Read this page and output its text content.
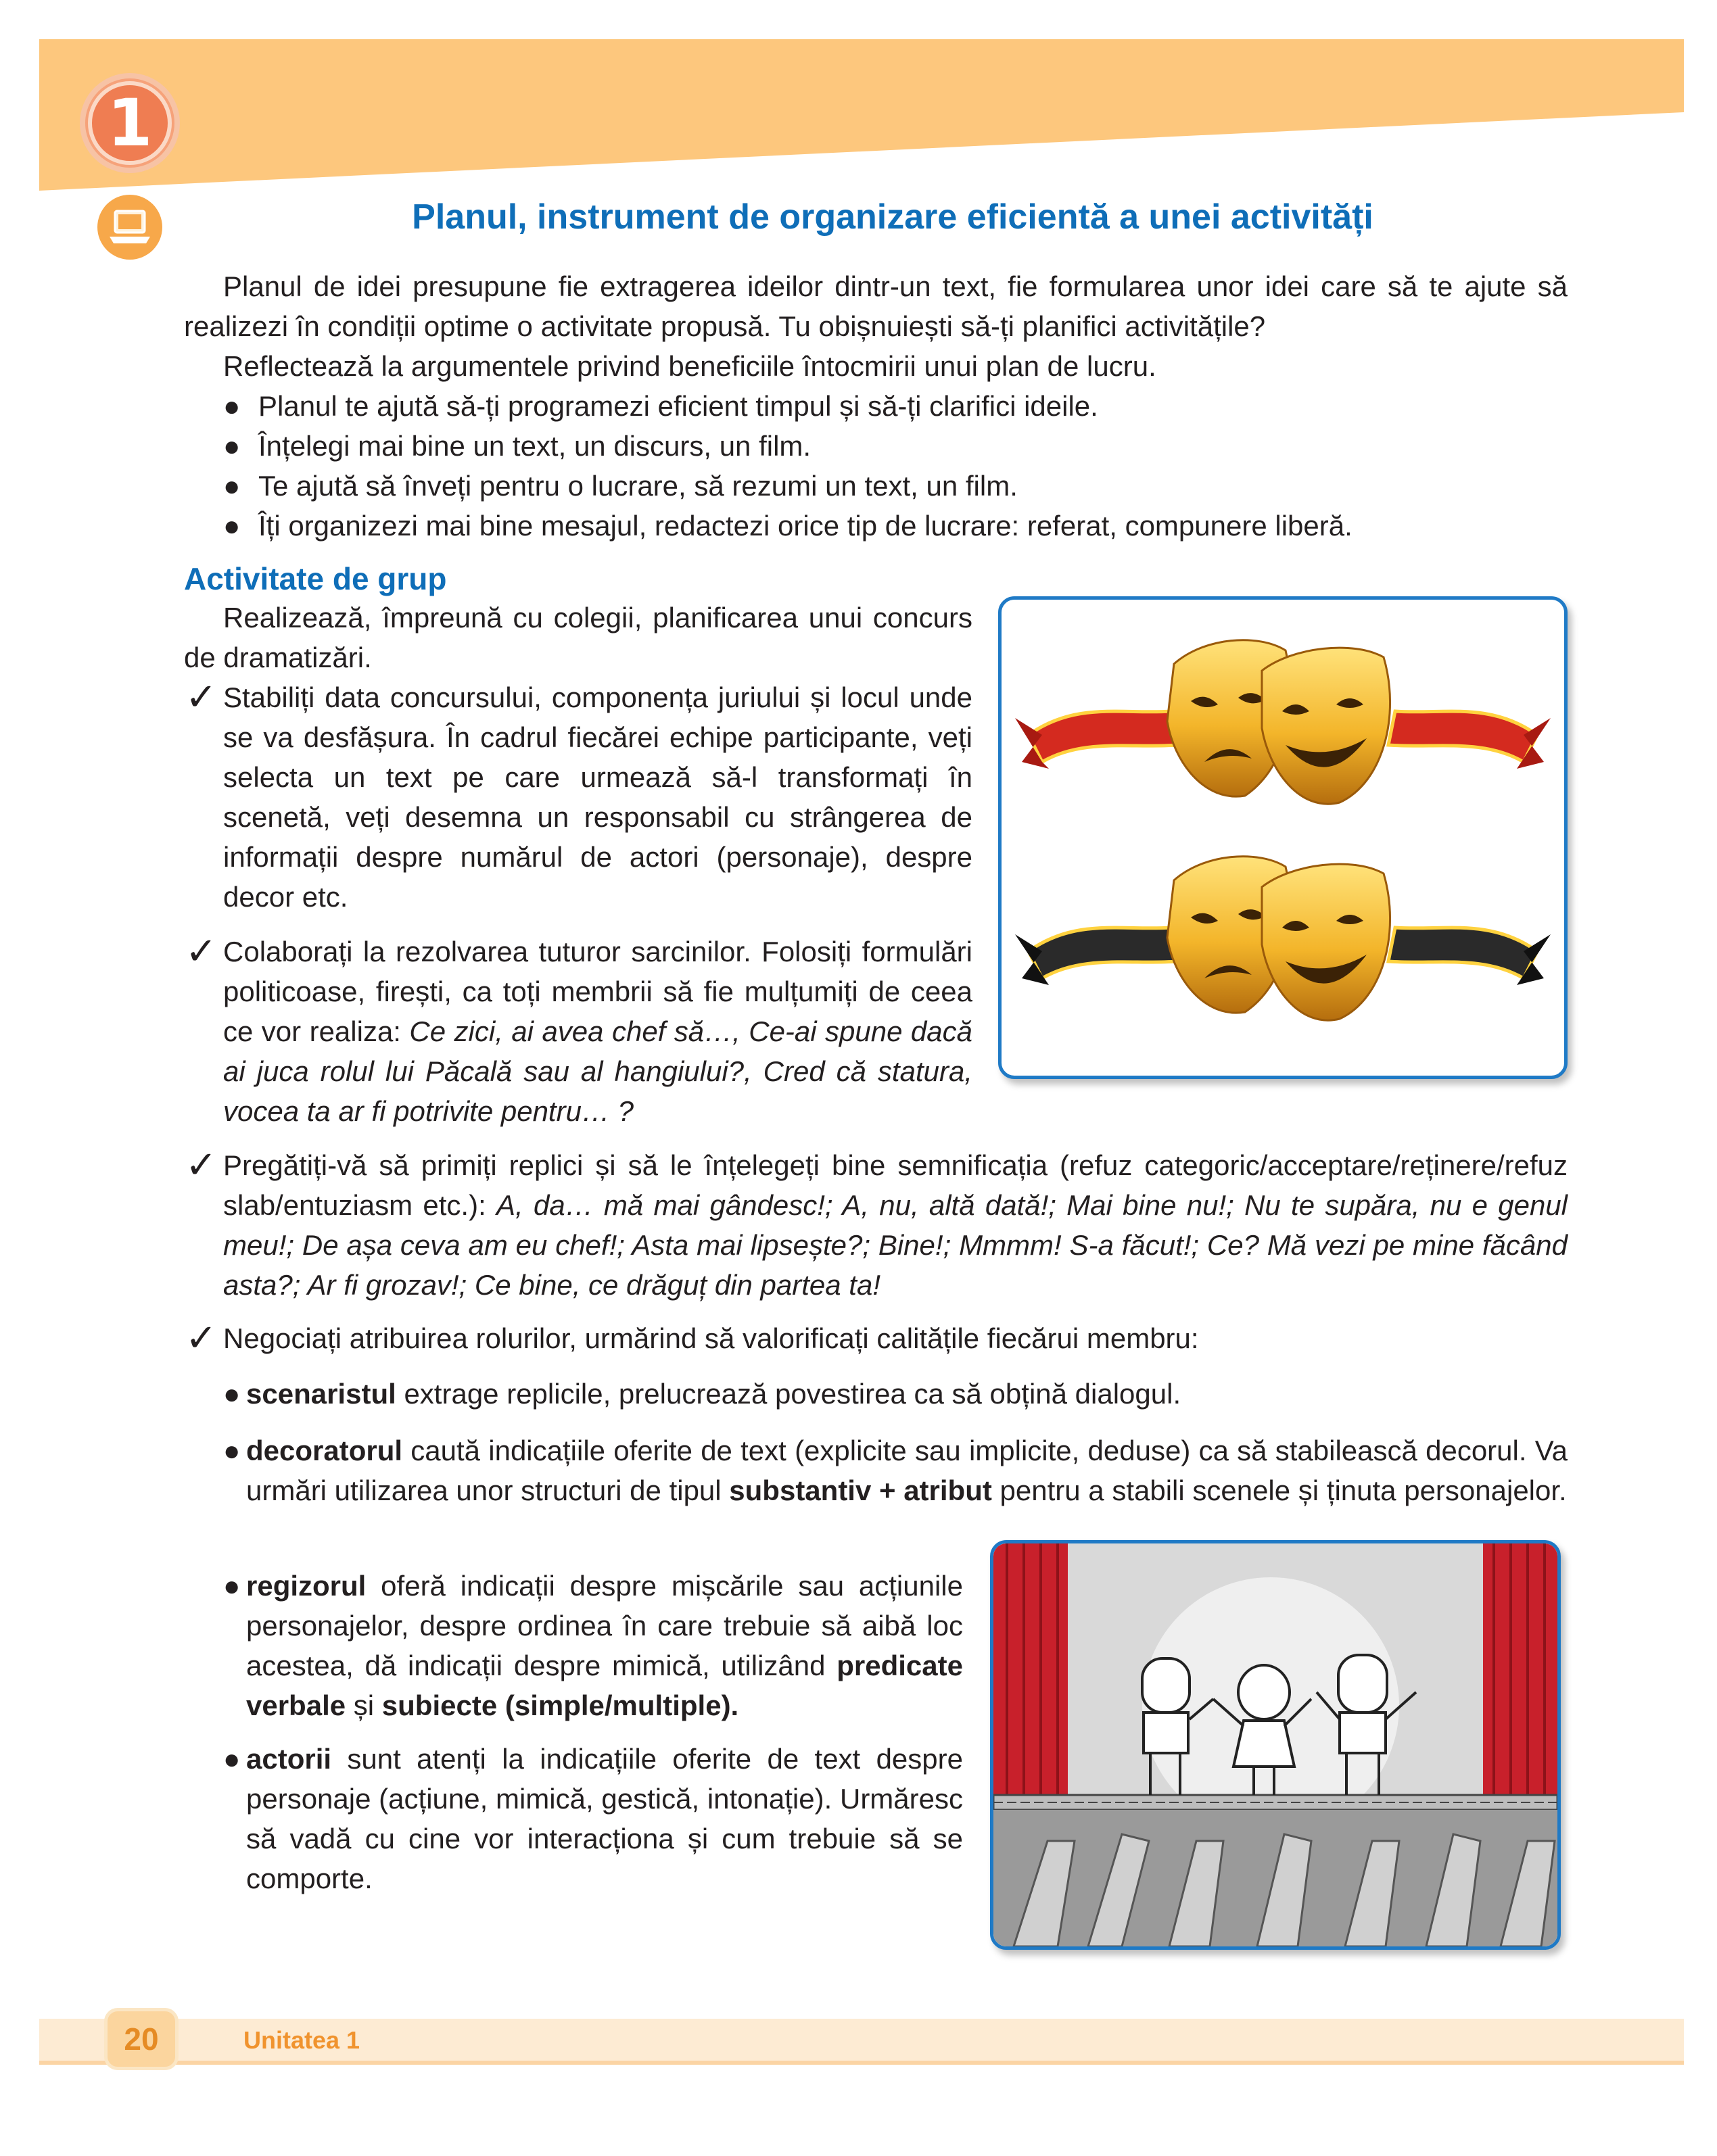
1
Planul, instrument de organizare eficientă a unei activități
Planul de idei presupune fie extragerea ideilor dintr-un text, fie formularea unor idei care să te ajute să realizezi în condiții optime o activitate propusă. Tu obișnuiești să-ți planifici activitățile?
Reflectează la argumentele privind beneficiile întocmirii unui plan de lucru.
● Planul te ajută să-ți programezi eficient timpul și să-ți clarifici ideile.
● Înțelegi mai bine un text, un discurs, un film.
● Te ajută să înveți pentru o lucrare, să rezumi un text, un film.
● Îți organizezi mai bine mesajul, redactezi orice tip de lucrare: referat, compunere liberă.
Activitate de grup
Realizează, împreună cu colegii, planificarea unui concurs de dramatizări.
✓ Stabiliți data concursului, componența juriului și locul unde se va desfășura. În cadrul fiecărei echipe participante, veți selecta un text pe care urmează să-l transformați în scenetă, veți desemna un responsabil cu strângerea de informații despre numărul de actori (personaje), despre decor etc.
✓ Colaborați la rezolvarea tuturor sarcinilor. Folosiți formulări politicoase, firești, ca toți membrii să fie mulțumiți de ceea ce vor realiza: Ce zici, ai avea chef să…, Ce-ai spune dacă ai juca rolul lui Păcală sau al hangiului?, Cred că statura, vocea ta ar fi potrivite pentru… ?
✓ Pregătiți-vă să primiți replici și să le înțelegeți bine semnificația (refuz categoric/acceptare/reținere/refuz slab/entuziasm etc.): A, da… mă mai gândesc!; A, nu, altă dată!; Mai bine nu!; Nu te supăra, nu e genul meu!; De așa ceva am eu chef!; Asta mai lipsește?; Bine!; Mmmm! S-a făcut!; Ce? Mă vezi pe mine făcând asta?; Ar fi grozav!; Ce bine, ce drăguț din partea ta!
✓ Negociați atribuirea rolurilor, urmărind să valorificați calitățile fiecărui membru:
● scenaristul extrage replicile, prelucrează povestirea ca să obțină dialogul.
● decoratorul caută indicațiile oferite de text (explicite sau implicite, deduse) ca să stabilească decorul. Va urmări utilizarea unor structuri de tipul substantiv + atribut pentru a stabili scenele și ținuta personajelor.
● regizorul oferă indicații despre mișcările sau acțiunile personajelor, despre ordinea în care trebuie să aibă loc acestea, dă indicații despre mimică, utilizând predicate verbale și subiecte (simple/multiple).
● actorii sunt atenți la indicațiile oferite de text despre personaje (acțiune, mimică, gestică, intonație). Urmăresc să vadă cu cine vor interacționa și cum trebuie să se comporte.
20	Unitatea 1
